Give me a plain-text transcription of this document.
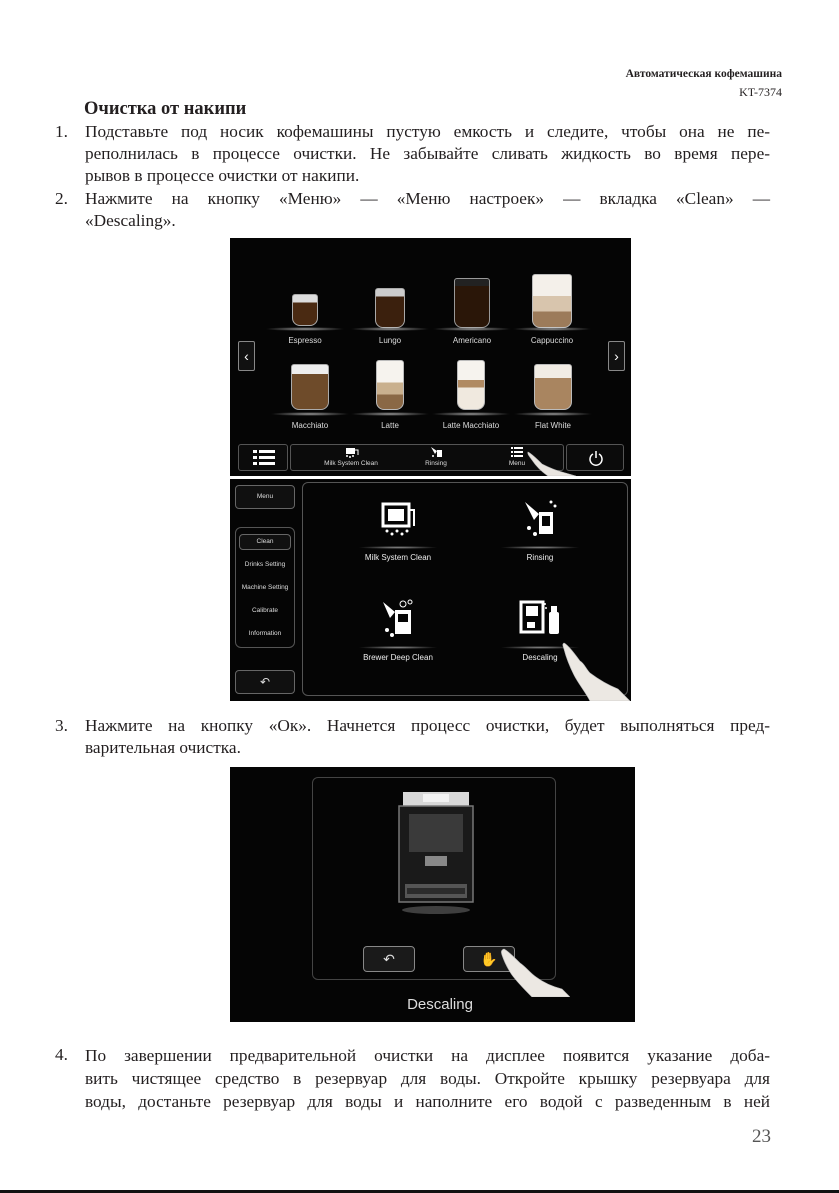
Автоматическая кофемашина
KT-7374
Очистка от накипи
1. Подставьте под носик кофемашины пустую емкость и следите, чтобы она не пе-
реполнилась в процессе очистки. Не забывайте сливать жидкость во время пере-
рывов в процессе очистки от накипи.
2. Нажмите на кнопку «Меню» — «Меню настроек» — вкладка «Clean» —
«Descaling».
Espresso	Lungo	Americano	Cappuccino
Macchiato	Latte	Latte Macchiato	Flat White
‹	›
Milk System Clean	Rinsing	Menu
Menu
Clean
Drinks Setting
Machine Setting
Calibrate
Information
↶
Milk System Clean	Rinsing
Brewer Deep Clean	Descaling
3. Нажмите на кнопку «Ок». Начнется процесс очистки, будет выполняться пред-
варительная очистка.
↶	✋
Descaling
4. По завершении предварительной очистки на дисплее появится указание доба-
вить чистящее средство в резервуар для воды. Откройте крышку резервуара для
воды, достаньте резервуар для воды и наполните его водой с разведенным в ней
23
